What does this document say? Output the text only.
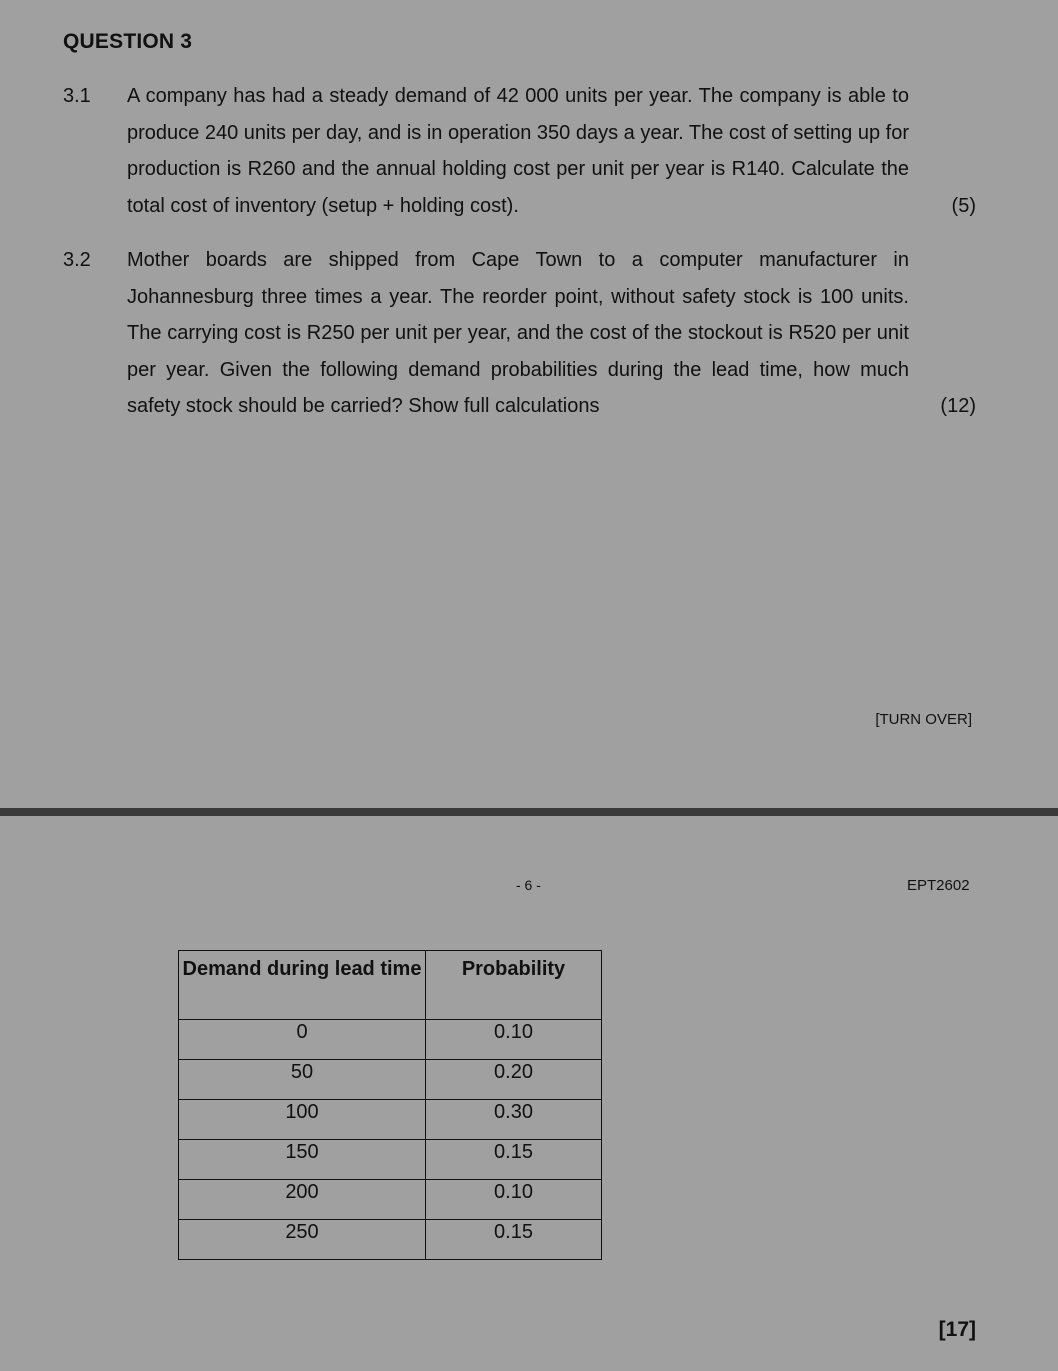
QUESTION 3
3.1 A company has had a steady demand of 42 000 units per year. The company is able to produce 240 units per day, and is in operation 350 days a year. The cost of setting up for production is R260 and the annual holding cost per unit per year is R140. Calculate the total cost of inventory (setup + holding cost).	(5)
3.2 Mother boards are shipped from Cape Town to a computer manufacturer in Johannesburg three times a year. The reorder point, without safety stock is 100 units. The carrying cost is R250 per unit per year, and the cost of the stockout is R520 per unit per year. Given the following demand probabilities during the lead time, how much safety stock should be carried? Show full calculations	(12)
[TURN OVER]
- 6 -	EPT2602
Demand during lead time	Probability
0	0.10
50	0.20
100	0.30
150	0.15
200	0.10
250	0.15
[17]
